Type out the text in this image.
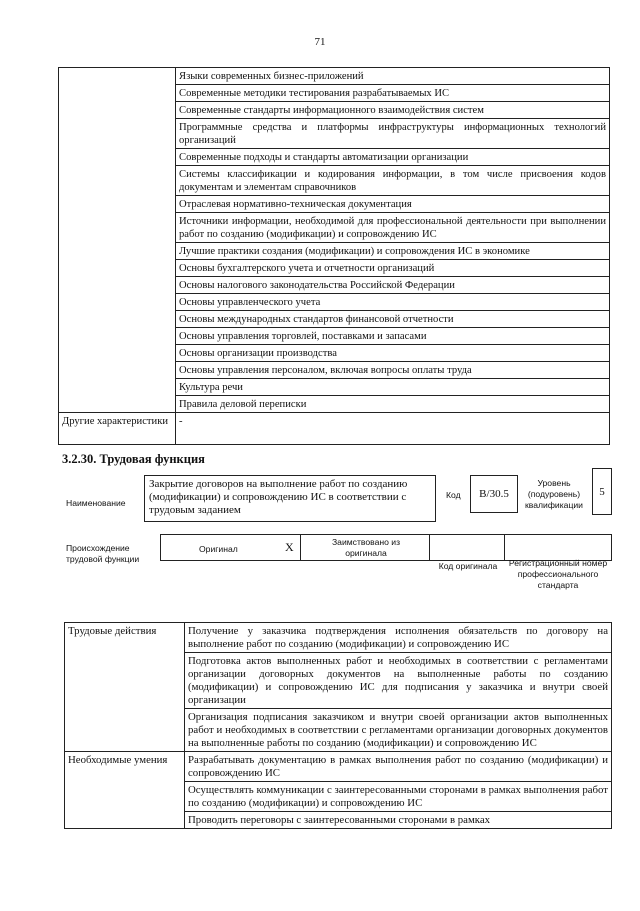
71
	Языки современных бизнес-приложений
	Современные методики тестирования разрабатываемых ИС
	Современные стандарты информационного взаимодействия систем
	Программные средства и платформы инфраструктуры информационных технологий организаций
	Современные подходы и стандарты автоматизации организации
	Системы классификации и кодирования информации, в том числе присвоения кодов документам и элементам справочников
	Отраслевая нормативно-техническая документация
	Источники информации, необходимой для профессиональной деятельности при выполнении работ по созданию (модификации) и сопровождению ИС
	Лучшие практики создания (модификации) и сопровождения ИС в экономике
	Основы бухгалтерского учета и отчетности организаций
	Основы налогового законодательства Российской Федерации
	Основы управленческого учета
	Основы международных стандартов финансовой отчетности
	Основы управления торговлей, поставками и запасами
	Основы организации производства
	Основы управления персоналом, включая вопросы оплаты труда
	Культура речи
	Правила деловой переписки
Другие характеристики	-
3.2.30. Трудовая функция
Наименование
Закрытие договоров на выполнение работ по созданию (модификации) и сопровождению ИС в соответствии с трудовым заданием
Код	B/30.5
Уровень (подуровень) квалификации
5
Происхождение трудовой функции
Оригинал	X	Заимствовано из оригинала
Код оригинала	Регистрационный номер профессионального стандарта
Трудовые действия	Получение у заказчика подтверждения исполнения обязательств по договору на выполнение работ по созданию (модификации) и сопровождению ИС
	Подготовка актов выполненных работ и необходимых в соответствии с регламентами организации договорных документов на выполненные работы по созданию (модификации) и сопровождению ИС для подписания у заказчика и внутри своей организации
	Организация подписания заказчиком и внутри своей организации актов выполненных работ и необходимых в соответствии с регламентами организации договорных документов на выполненные работы по созданию (модификации) и сопровождению ИС
Необходимые умения	Разрабатывать документацию в рамках выполнения работ по созданию (модификации) и сопровождению ИС
	Осуществлять коммуникации с заинтересованными сторонами в рамках выполнения работ по созданию (модификации) и сопровождению ИС
	Проводить переговоры с заинтересованными сторонами в рамках
